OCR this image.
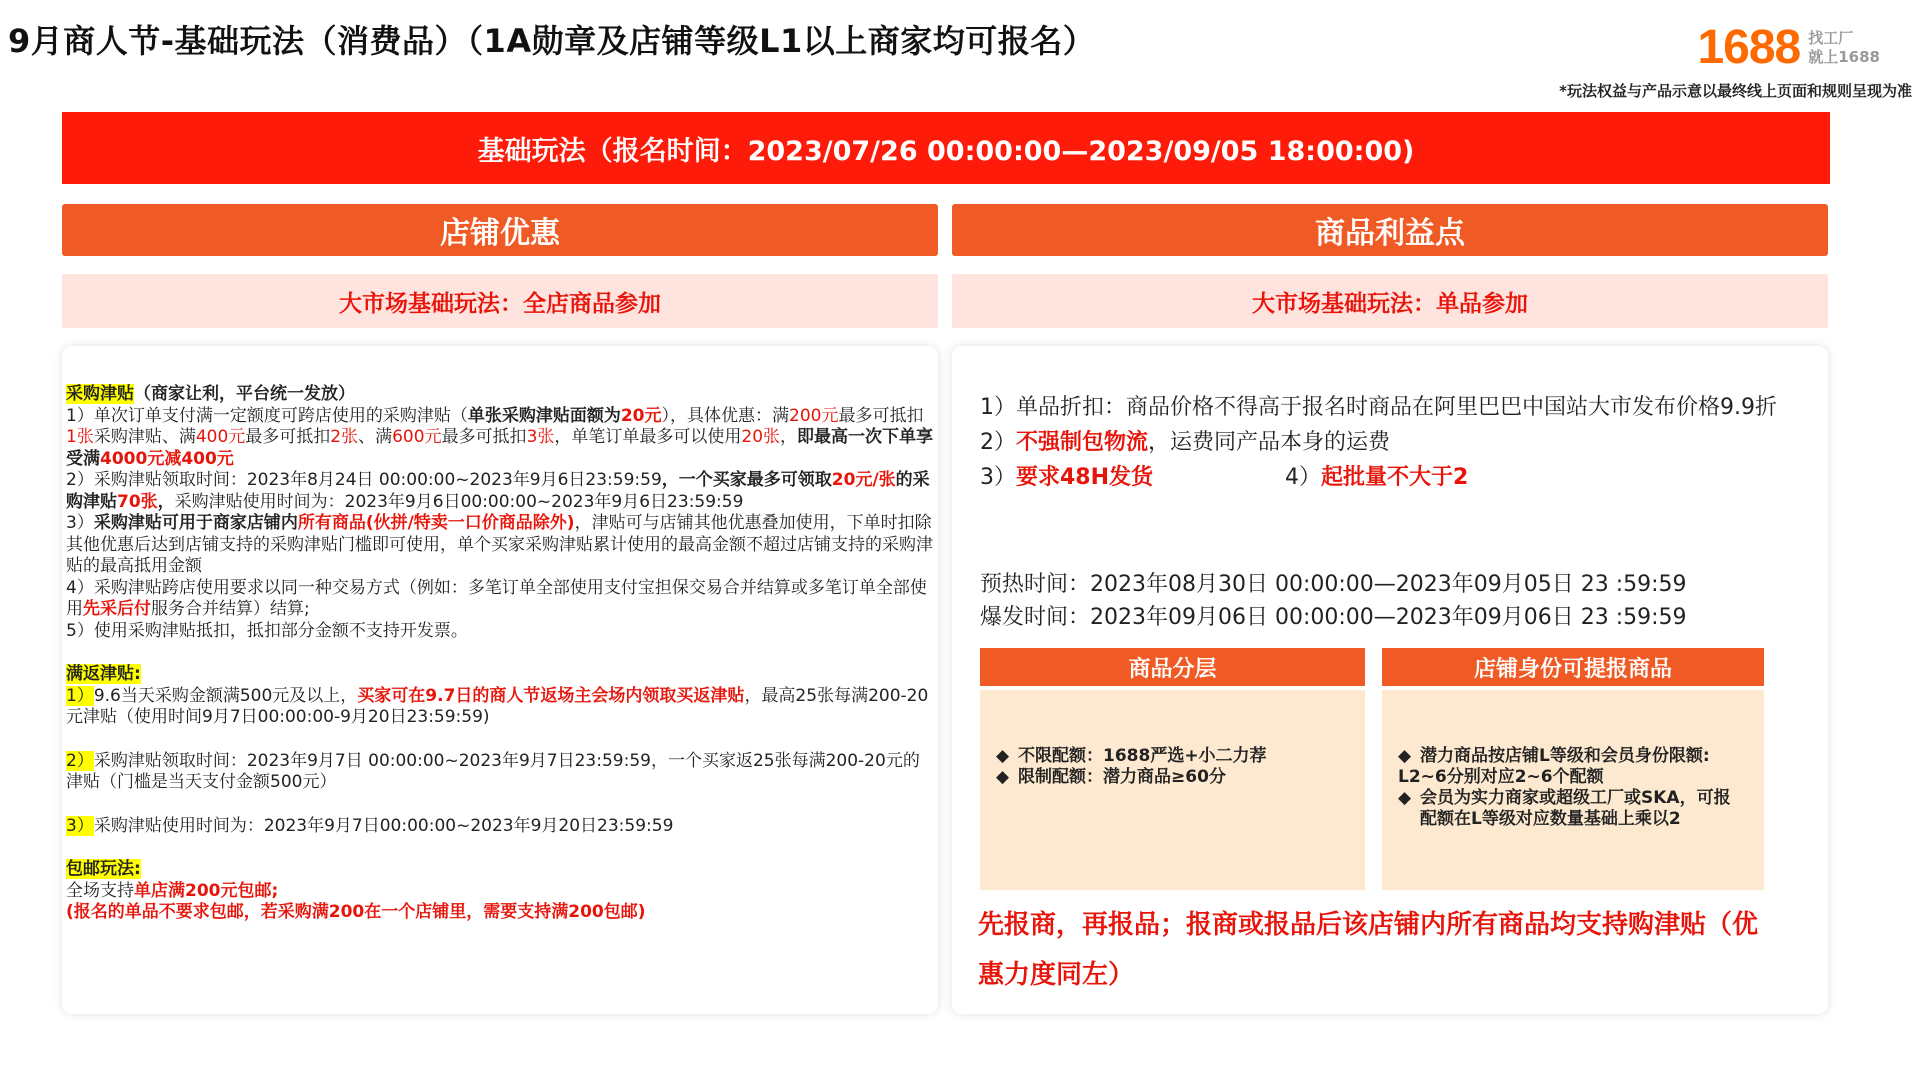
9月商人节-基础玩法（消费品）（1A勋章及店铺等级L1以上商家均可报名）	1688 找工厂
就上1688
*玩法权益与产品示意以最终线上页面和规则呈现为准
基础玩法（报名时间：2023/07/26 00:00:00—2023/09/05 18:00:00)
店铺优惠
大市场基础玩法：全店商品参加

采购津贴（商家让利，平台统一发放）

1）单次订单支付满一定额度可跨店使用的采购津贴（单张采购津贴面额为20元），具体优惠：满200元最多可抵扣1张采购津贴、满400元最多可抵扣2张、满600元最多可抵扣3张，单笔订单最多可以使用20张，即最高一次下单享受满4000元减400元

2）采购津贴领取时间：2023年8月24日 00:00:00~2023年9月6日23:59:59，一个买家最多可领取20元/张的采购津贴70张，采购津贴使用时间为：2023年9月6日00:00:00~2023年9月6日23:59:59

3）采购津贴可用于商家店铺内所有商品(伙拼/特卖一口价商品除外)，津贴可与店铺其他优惠叠加使用，下单时扣除其他优惠后达到店铺支持的采购津贴门槛即可使用，单个买家采购津贴累计使用的最高金额不超过店铺支持的采购津贴的最高抵用金额

4）采购津贴跨店使用要求以同一种交易方式（例如：多笔订单全部使用支付宝担保交易合并结算或多笔订单全部使用先采后付服务合并结算）结算;

5）使用采购津贴抵扣，抵扣部分金额不支持开发票。

满返津贴:

1）9.6当天采购金额满500元及以上，买家可在9.7日的商人节返场主会场内领取买返津贴，最高25张每满200-20元津贴（使用时间9月7日00:00:00-9月20日23:59:59)

2）采购津贴领取时间：2023年9月7日 00:00:00~2023年9月7日23:59:59，一个买家返25张每满200-20元的津贴（门槛是当天支付金额500元）

3）采购津贴使用时间为：2023年9月7日00:00:00~2023年9月20日23:59:59

包邮玩法:

全场支持单店满200元包邮;

(报名的单品不要求包邮，若采购满200在一个店铺里，需要支持满200包邮)

商品利益点
大市场基础玩法：单品参加

1）单品折扣：商品价格不得高于报名时商品在阿里巴巴中国站大市发布价格9.9折

2）不强制包物流，运费同产品本身的运费

3）要求48H发货	4）起批量不大于2

预热时间：2023年08月30日 00:00:00—2023年09月05日 23 :59:59

爆发时间：2023年09月06日 00:00:00—2023年09月06日 23 :59:59

商品分层
◆ 不限配额：1688严选+小二力荐
◆ 限制配额：潜力商品≥60分
店铺身份可提报商品
◆ 潜力商品按店铺L等级和会员身份限额:
L2~6分别对应2~6个配额
◆ 会员为实力商家或超级工厂或SKA，可报
配额在L等级对应数量基础上乘以2
先报商，再报品；报商或报品后该店铺内所有商品均支持购津贴（优惠力度同左）
